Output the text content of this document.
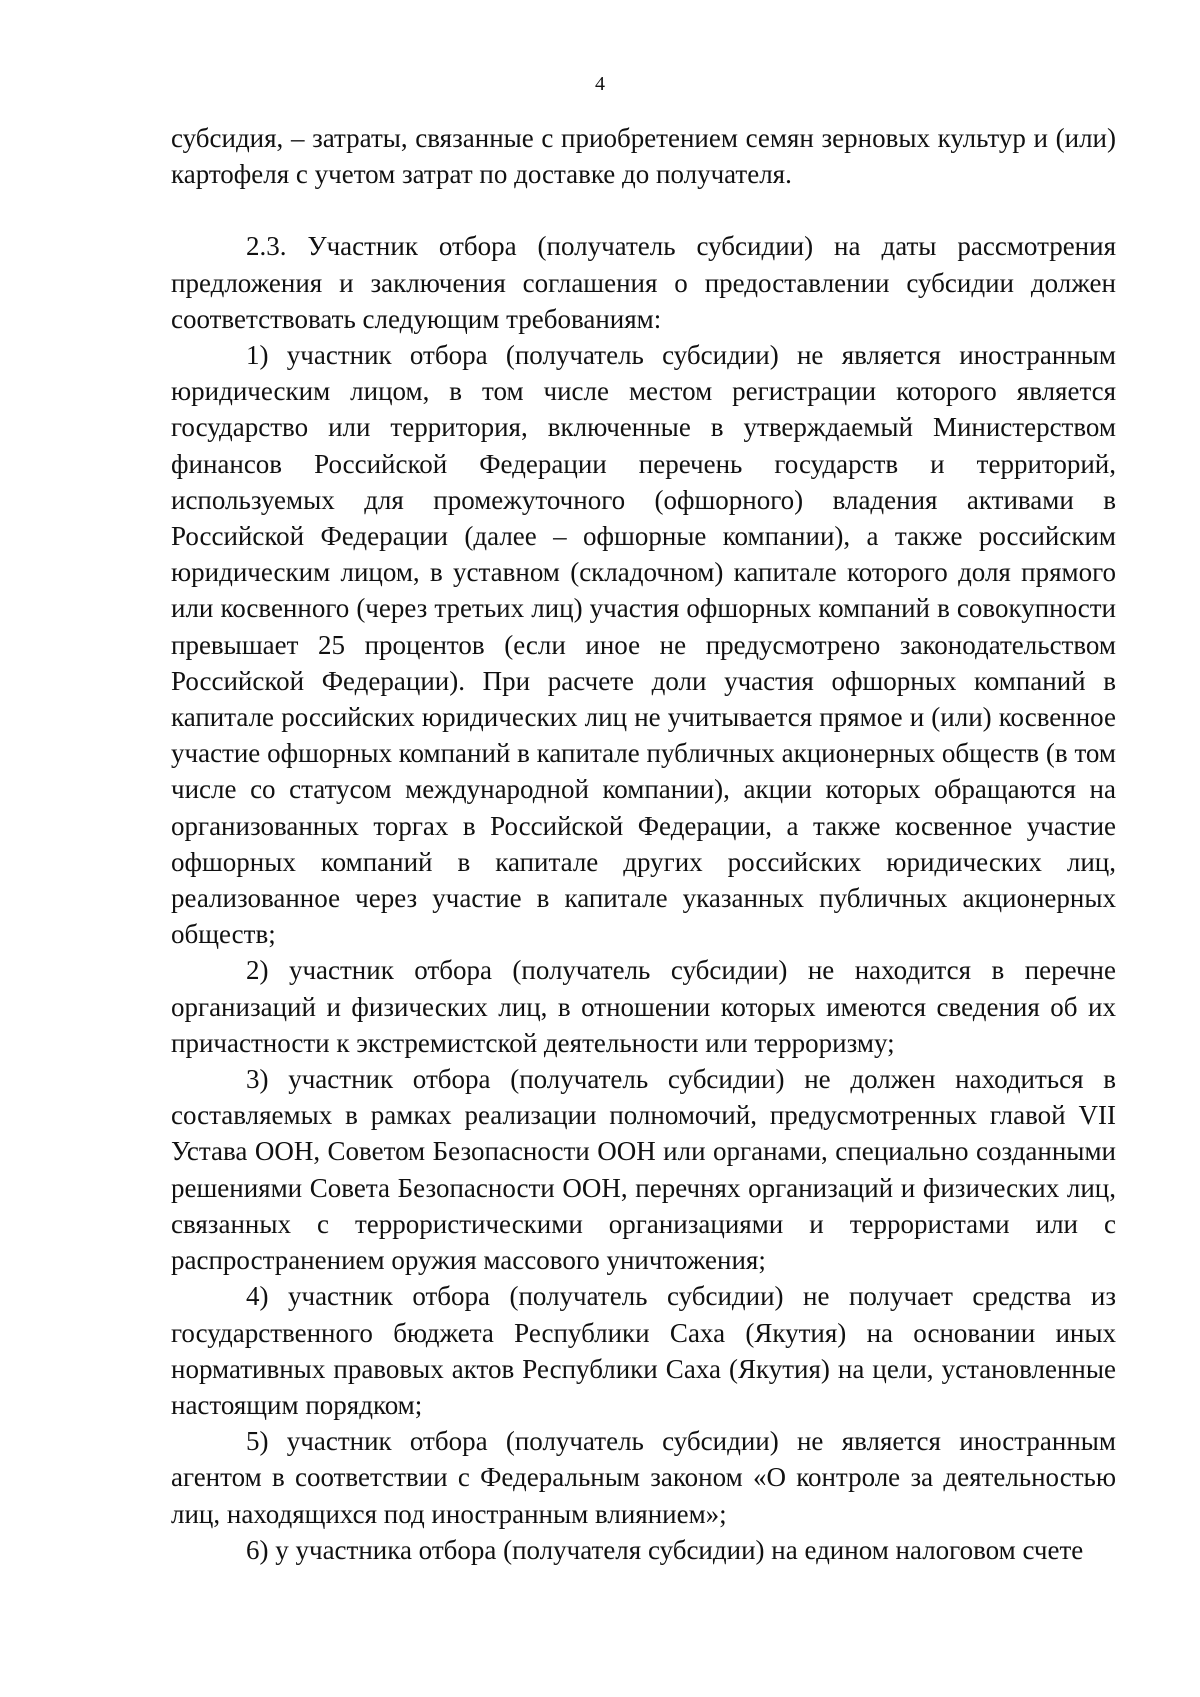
4

субсидия, – затраты, связанные с приобретением семян зерновых культур и (или) картофеля с учетом затрат по доставке до получателя.

2.3. Участник отбора (получатель субсидии) на даты рассмотрения предложения и заключения соглашения о предоставлении субсидии должен соответствовать следующим требованиям:

1) участник отбора (получатель субсидии) не является иностранным юридическим лицом, в том числе местом регистрации которого является государство или территория, включенные в утверждаемый Министерством финансов Российской Федерации перечень государств и территорий, используемых для промежуточного (офшорного) владения активами в Российской Федерации (далее – офшорные компании), а также российским юридическим лицом, в уставном (складочном) капитале которого доля прямого или косвенного (через третьих лиц) участия офшорных компаний в совокупности превышает 25 процентов (если иное не предусмотрено законодательством Российской Федерации). При расчете доли участия офшорных компаний в капитале российских юридических лиц не учитывается прямое и (или) косвенное участие офшорных компаний в капитале публичных акционерных обществ (в том числе со статусом международной компании), акции которых обращаются на организованных торгах в Российской Федерации, а также косвенное участие офшорных компаний в капитале других российских юридических лиц, реализованное через участие в капитале указанных публичных акционерных обществ;

2) участник отбора (получатель субсидии) не находится в перечне организаций и физических лиц, в отношении которых имеются сведения об их причастности к экстремистской деятельности или терроризму;

3) участник отбора (получатель субсидии) не должен находиться в составляемых в рамках реализации полномочий, предусмотренных главой VII Устава ООН, Советом Безопасности ООН или органами, специально созданными решениями Совета Безопасности ООН, перечнях организаций и физических лиц, связанных с террористическими организациями и террористами или с распространением оружия массового уничтожения;

4) участник отбора (получатель субсидии) не получает средства из государственного бюджета Республики Саха (Якутия) на основании иных нормативных правовых актов Республики Саха (Якутия) на цели, установленные настоящим порядком;

5) участник отбора (получатель субсидии) не является иностранным агентом в соответствии с Федеральным законом «О контроле за деятельностью лиц, находящихся под иностранным влиянием»;

6) у участника отбора (получателя субсидии) на едином налоговом счете
